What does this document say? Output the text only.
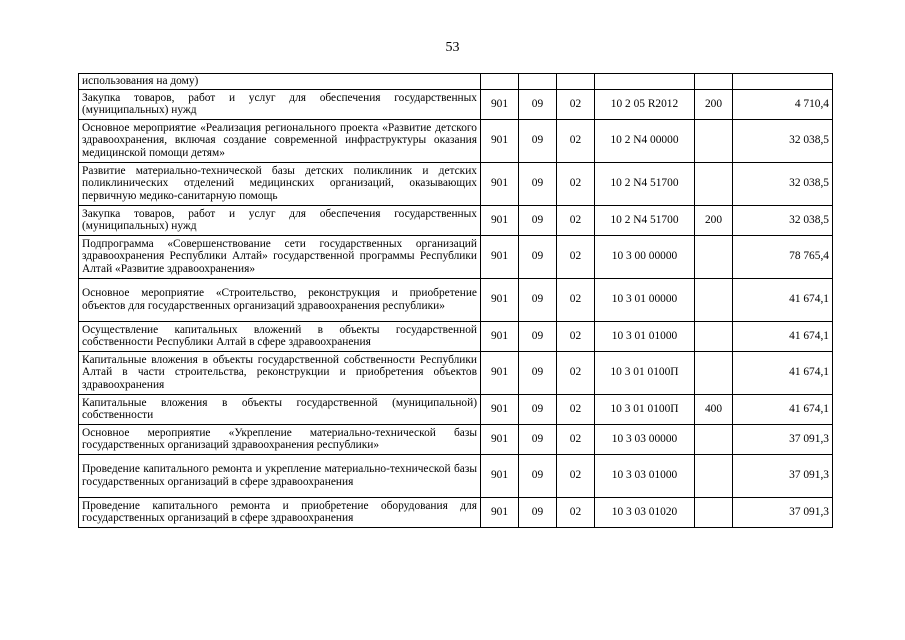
53
использования на дому)						
Закупка товаров, работ и услуг для обеспечения государственных (муниципальных) нужд	901	09	02	10 2 05 R2012	200	4 710,4
Основное мероприятие «Реализация регионального проекта «Развитие детского здравоохранения, включая создание современной инфраструктуры оказания медицинской помощи детям»	901	09	02	10 2 N4 00000		32 038,5
Развитие материально-технической базы детских поликлиник и детских поликлинических отделений медицинских организаций, оказывающих первичную медико-санитарную помощь	901	09	02	10 2 N4 51700		32 038,5
Закупка товаров, работ и услуг для обеспечения государственных (муниципальных) нужд	901	09	02	10 2 N4 51700	200	32 038,5
Подпрограмма «Совершенствование сети государственных организаций здравоохранения Республики Алтай» государственной программы Республики Алтай «Развитие здравоохранения»	901	09	02	10 3 00 00000		78 765,4
Основное мероприятие «Строительство, реконструкция и приобретение объектов для государственных организаций здравоохранения республики»	901	09	02	10 3 01 00000		41 674,1
Осуществление капитальных вложений в объекты государственной собственности Республики Алтай в сфере здравоохранения	901	09	02	10 3 01 01000		41 674,1
Капитальные вложения в объекты государственной собственности Республики Алтай в части строительства, реконструкции и приобретения объектов здравоохранения	901	09	02	10 3 01 0100П		41 674,1
Капитальные вложения в объекты государственной (муниципальной) собственности	901	09	02	10 3 01 0100П	400	41 674,1
Основное мероприятие «Укрепление материально-технической базы государственных организаций здравоохранения республики»	901	09	02	10 3 03 00000		37 091,3
Проведение капитального ремонта и укрепление материально-технической базы государственных организаций в сфере здравоохранения	901	09	02	10 3 03 01000		37 091,3
Проведение капитального ремонта и приобретение оборудования для государственных организаций в сфере здравоохранения	901	09	02	10 3 03 01020		37 091,3
